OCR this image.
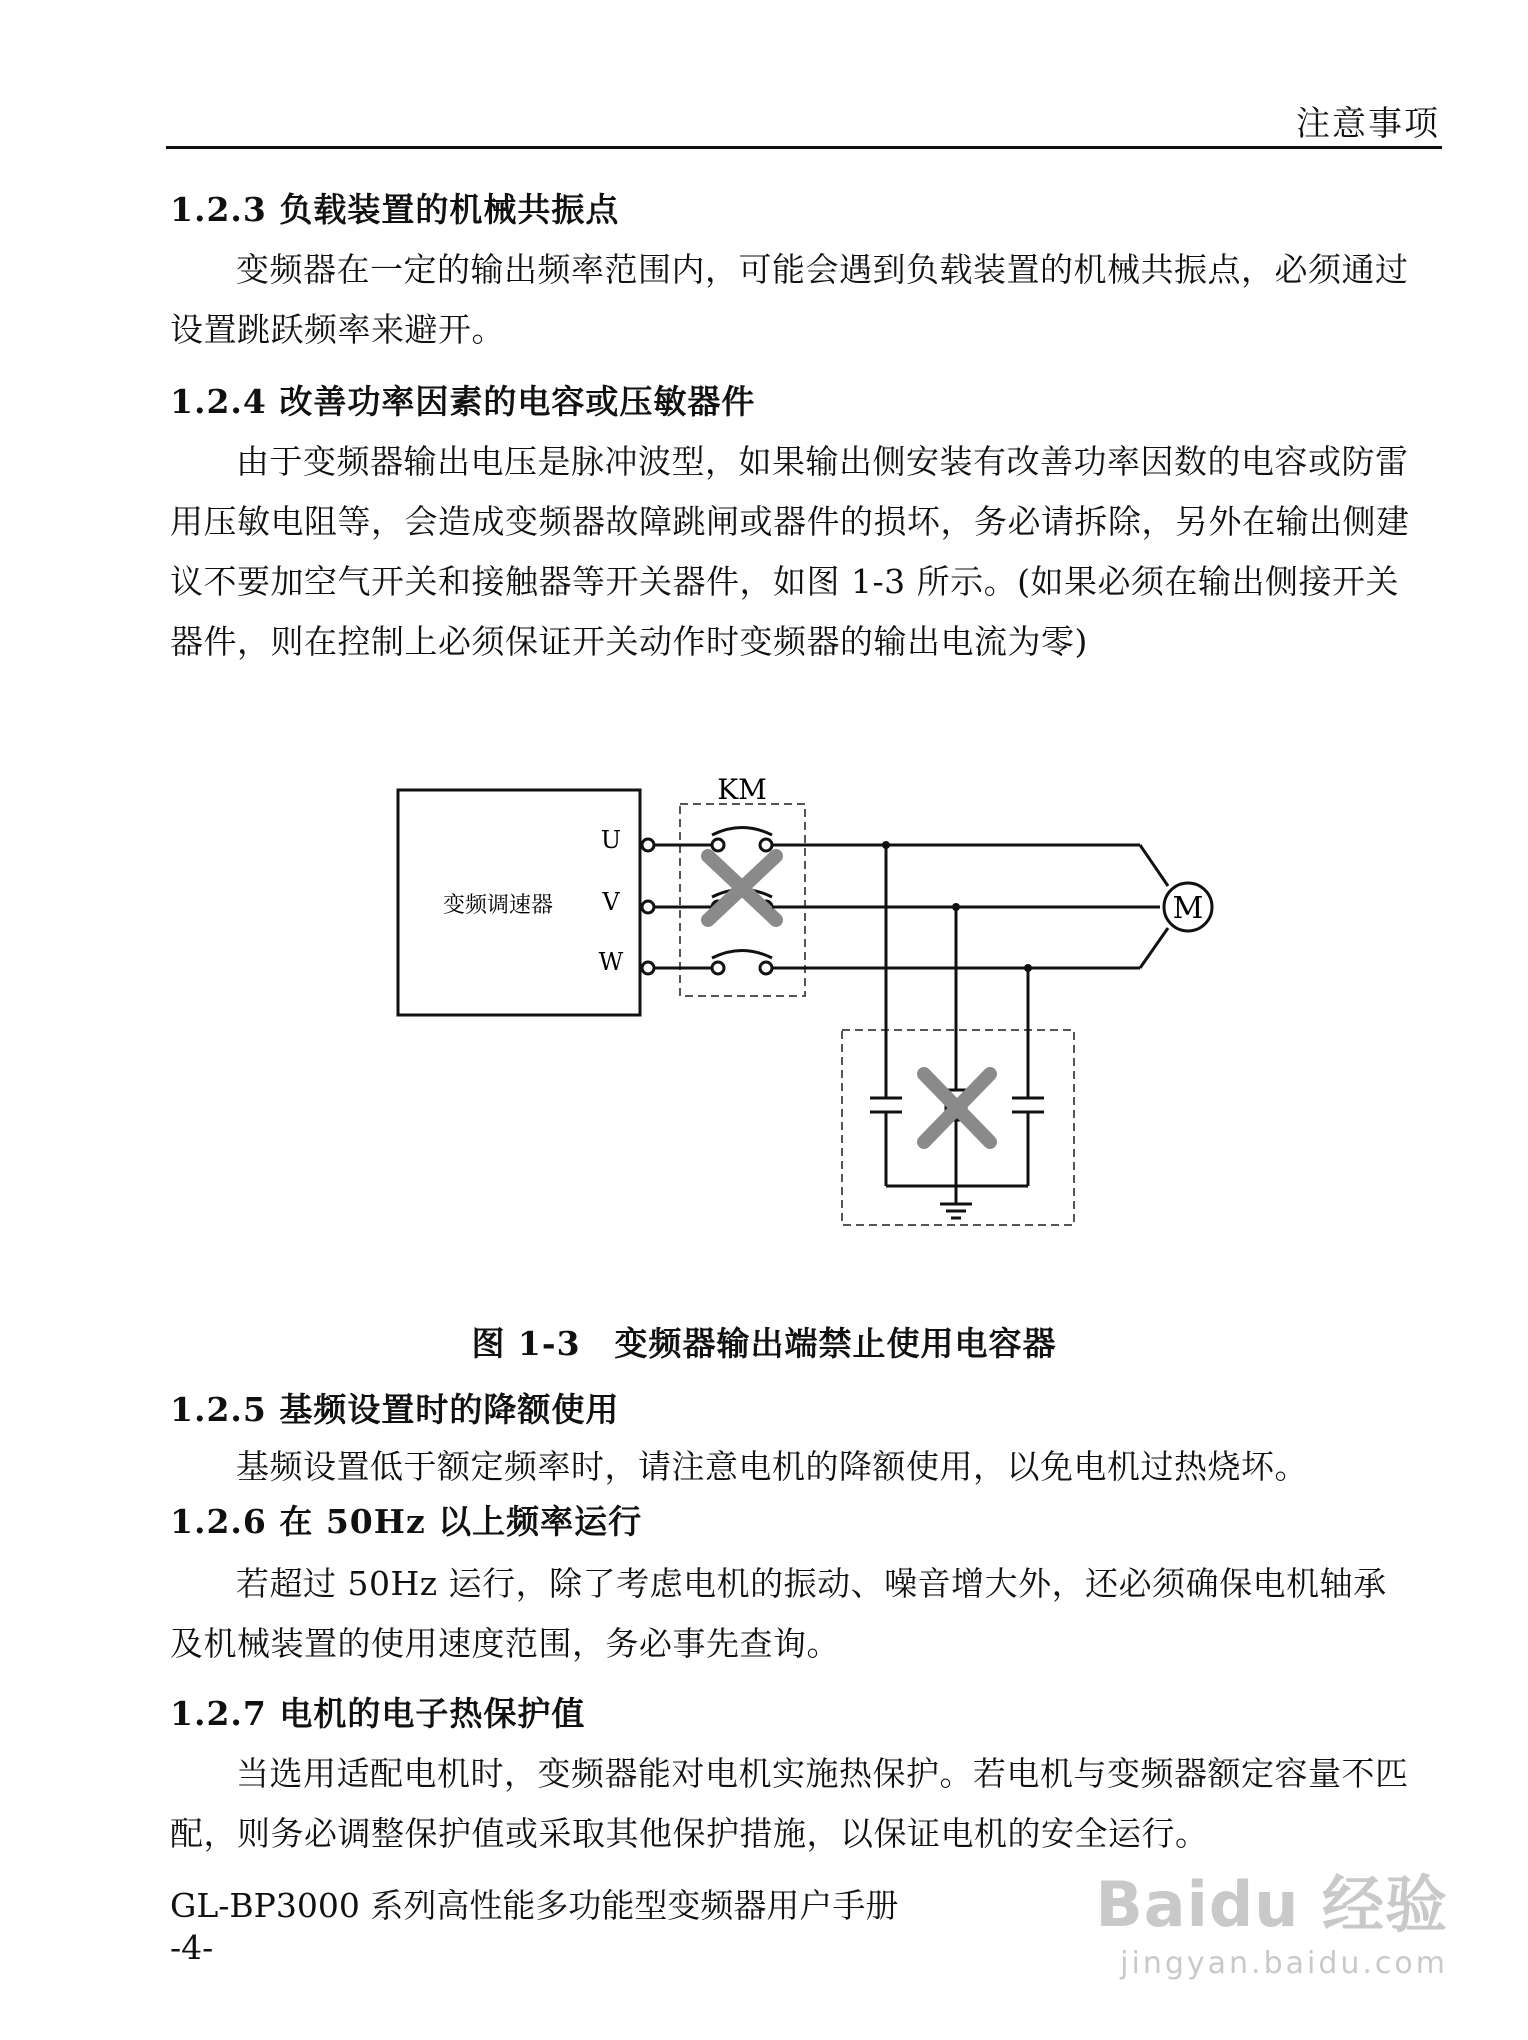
注意事项
1.2.3 负载装置的机械共振点
变频器在一定的输出频率范围内，可能会遇到负载装置的机械共振点，必须通过设置跳跃频率来避开。
1.2.4 改善功率因素的电容或压敏器件
由于变频器输出电压是脉冲波型，如果输出侧安装有改善功率因数的电容或防雷用压敏电阻等，会造成变频器故障跳闸或器件的损坏，务必请拆除，另外在输出侧建议不要加空气开关和接触器等开关器件，如图 1-3 所示。(如果必须在输出侧接开关器件，则在控制上必须保证开关动作时变频器的输出电流为零)
变频调速器
U
V
W
KM
M
图 1-3　变频器输出端禁止使用电容器
1.2.5 基频设置时的降额使用
基频设置低于额定频率时，请注意电机的降额使用，以免电机过热烧坏。
1.2.6 在 50Hz 以上频率运行
若超过 50Hz 运行，除了考虑电机的振动、噪音增大外，还必须确保电机轴承及机械装置的使用速度范围，务必事先查询。
1.2.7 电机的电子热保护值
当选用适配电机时，变频器能对电机实施热保护。若电机与变频器额定容量不匹配，则务必调整保护值或采取其他保护措施，以保证电机的安全运行。
GL-BP3000 系列高性能多功能型变频器用户手册
-4-
Baidu 经验
jingyan.baidu.com
